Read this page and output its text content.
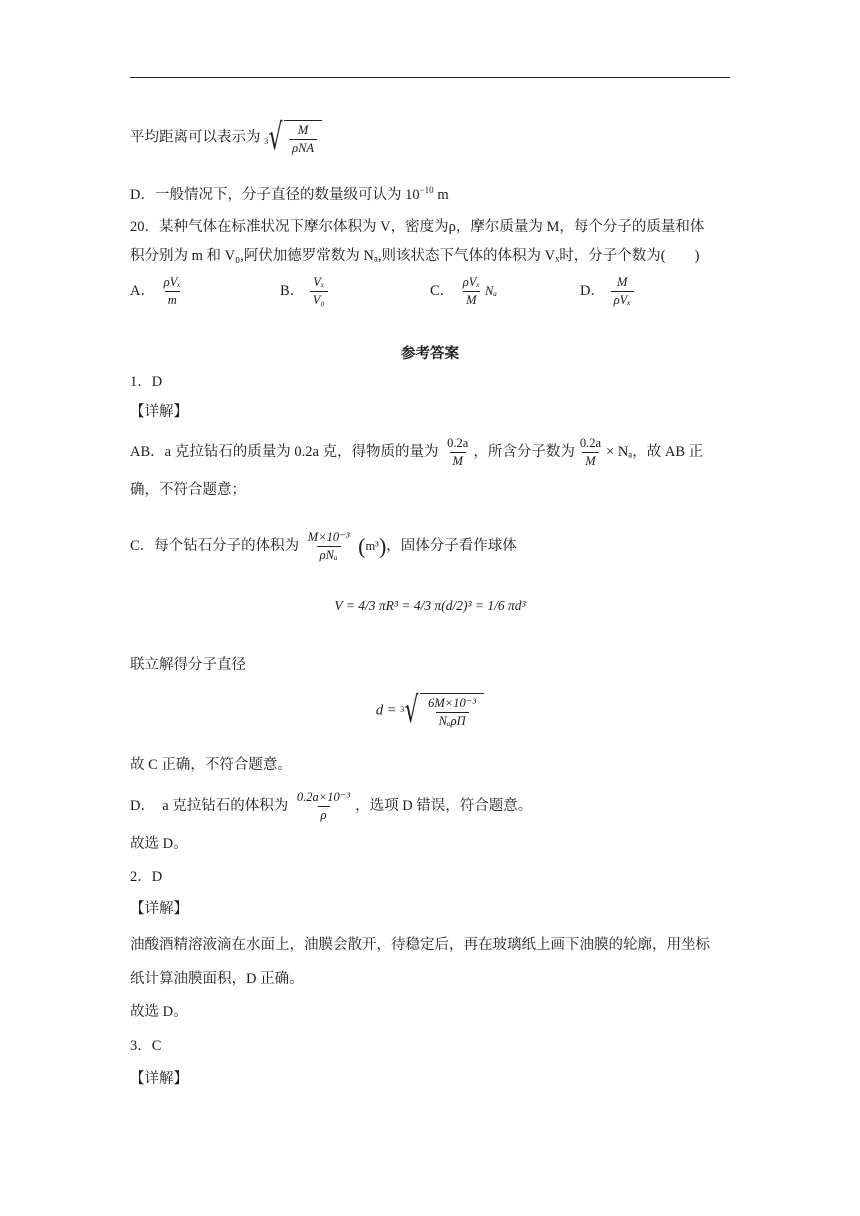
平均距离可以表示为 3 √ $\frac{M}{\text{ρNA}}$
D．一般情况下，分子直径的数量级可认为 $10^{-10}$ m
20．某种气体在标准状况下摩尔体积为 V，密度为ρ，摩尔质量为 M，每个分子的质量和体
积分别为 m 和 V₀,阿伏加德罗常数为 Nₐ,则该状态下气体的体积为 Vₓ时，分子个数为(　　)
A． $\frac{\text{ρVₓ}}{m}$	B． $\frac{\text{Vₓ}}{\text{V₀}}$	C． $\frac{\text{ρVₓ}}{M}$ Nₐ	D． $\frac{M}{\text{ρVₓ}}$
参考答案
1．D
【详解】
AB．a 克拉钻石的质量为 0.2a 克，得物质的量为 $\frac{0.2a}{M}$ ，所含分子数为 $\frac{0.2a}{M} \times N_a$，故 AB 正
确，不符合题意；
C．每个钻石分子的体积为 $\frac{\text{M×10⁻³}}{\text{ρNₐ}} (m^3)$，固体分子看作球体
V = 4/3 πR³ = 4/3 π(d/2)³ = 1/6 πd³
联立解得分子直径
d = 3 √ $\frac{\text{6M×10⁻³}}{\text{NₐρΠ}}$
故 C 正确，不符合题意。
D．　a 克拉钻石的体积为 $\frac{\text{0.2a×10⁻³}}{\rho}$ ，选项 D 错误，符合题意。
故选 D。
2．D
【详解】
油酸酒精溶液滴在水面上，油膜会散开，待稳定后，再在玻璃纸上画下油膜的轮廓，用坐标
纸计算油膜面积，D 正确。
故选 D。
3．C
【详解】
